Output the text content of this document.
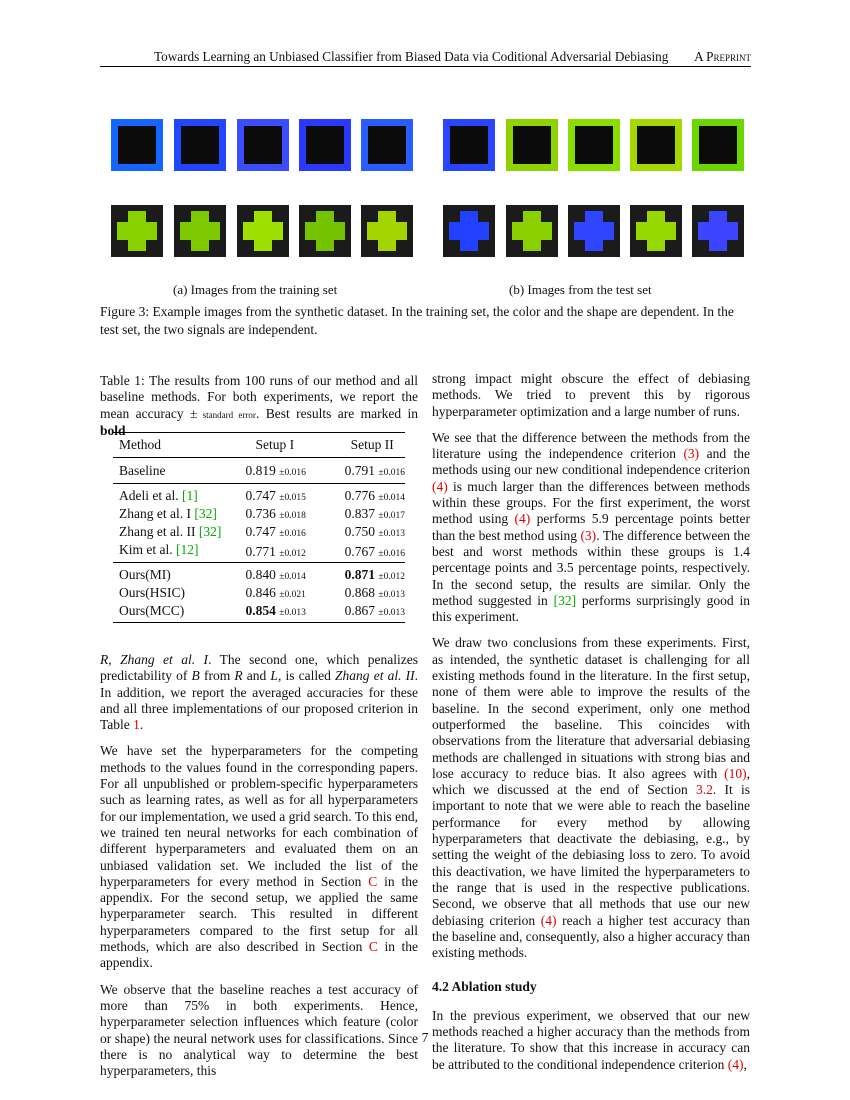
Towards Learning an Unbiased Classifier from Biased Data via Coditional Adversarial Debiasing A Preprint
(a) Images from the training set	(b) Images from the test set
Figure 3: Example images from the synthetic dataset. In the training set, the color and the shape are dependent. In the test set, the two signals are independent.
Table 1: The results from 100 runs of our method and all baseline methods. For both experiments, we report the mean accuracy ± standard error. Best results are marked in bold
Method	Setup I	Setup II
Baseline	0.819 ±0.016	0.791 ±0.016
Adeli et al. [1]	0.747 ±0.015	0.776 ±0.014
Zhang et al. I [32]	0.736 ±0.018	0.837 ±0.017
Zhang et al. II [32]	0.747 ±0.016	0.750 ±0.013
Kim et al. [12]	0.771 ±0.012	0.767 ±0.016
Ours(MI)	0.840 ±0.014	0.871 ±0.012
Ours(HSIC)	0.846 ±0.021	0.868 ±0.013
Ours(MCC)	0.854 ±0.013	0.867 ±0.013

R, Zhang et al. I. The second one, which penalizes predictability of B from R and L, is called Zhang et al. II. In addition, we report the averaged accuracies for these and all three implementations of our proposed criterion in Table 1.

We have set the hyperparameters for the competing methods to the values found in the corresponding papers. For all unpublished or problem-specific hyperparameters such as learning rates, as well as for all hyperparameters for our implementation, we used a grid search. To this end, we trained ten neural networks for each combination of different hyperparameters and evaluated them on an unbiased validation set. We included the list of the hyperparameters for every method in Section C in the appendix. For the second setup, we applied the same hyperparameter search. This resulted in different hyperparameters compared to the first setup for all methods, which are also described in Section C in the appendix.

We observe that the baseline reaches a test accuracy of more than 75% in both experiments. Hence, hyperparameter selection influences which feature (color or shape) the neural network uses for classifications. Since there is no analytical way to determine the best hyperparameters, this

strong impact might obscure the effect of debiasing methods. We tried to prevent this by rigorous hyperparameter optimization and a large number of runs.

We see that the difference between the methods from the literature using the independence criterion (3) and the methods using our new conditional independence criterion (4) is much larger than the differences between methods within these groups. For the first experiment, the worst method using (4) performs 5.9 percentage points better than the best method using (3). The difference between the best and worst methods within these groups is 1.4 percentage points and 3.5 percentage points, respectively. In the second setup, the results are similar. Only the method suggested in [32] performs surprisingly good in this experiment.

We draw two conclusions from these experiments. First, as intended, the synthetic dataset is challenging for all existing methods found in the literature. In the first setup, none of them were able to improve the results of the baseline. In the second experiment, only one method outperformed the baseline. This coincides with observations from the literature that adversarial debiasing methods are challenged in situations with strong bias and lose accuracy to reduce bias. It also agrees with (10), which we discussed at the end of Section 3.2. It is important to note that we were able to reach the baseline performance for every method by allowing hyperparameters that deactivate the debiasing, e.g., by setting the weight of the debiasing loss to zero. To avoid this deactivation, we have limited the hyperparameters to the range that is used in the respective publications. Second, we observe that all methods that use our new debiasing criterion (4) reach a higher test accuracy than the baseline and, consequently, also a higher accuracy than existing methods.

4.2 Ablation study

In the previous experiment, we observed that our new methods reached a higher accuracy than the methods from the literature. To show that this increase in accuracy can be attributed to the conditional independence criterion (4),

7
